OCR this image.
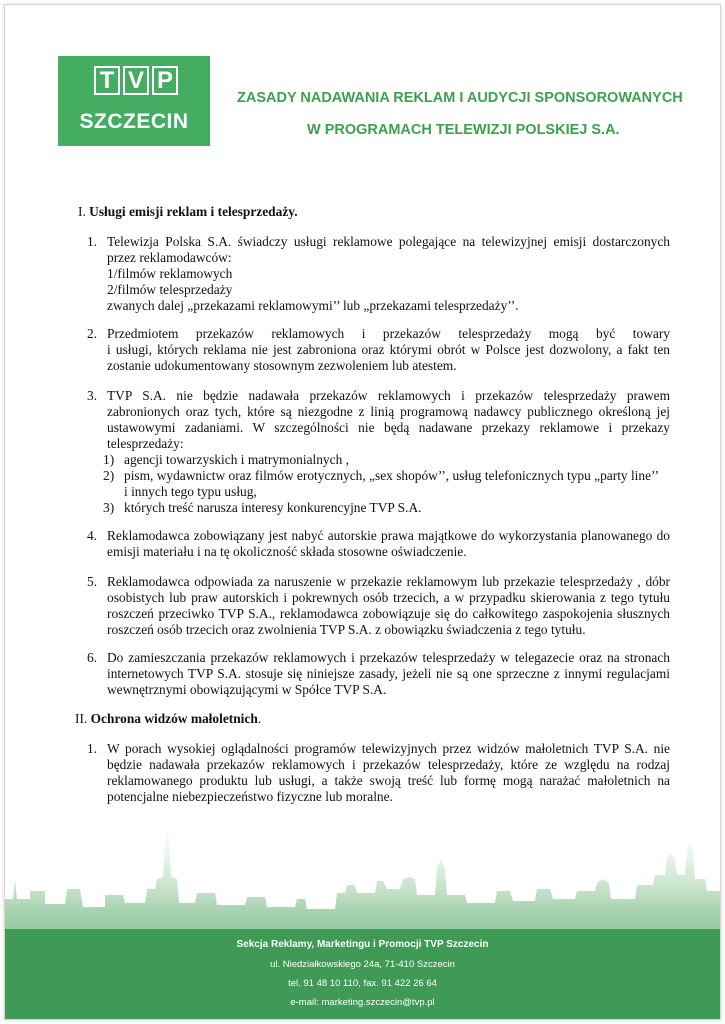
T V P
SZCZECIN
ZASADY NADAWANIA REKLAM I AUDYCJI SPONSOROWANYCH
W PROGRAMACH TELEWIZJI POLSKIEJ S.A.
I. Usługi emisji reklam i telesprzedaży.
1. Telewizja Polska S.A. świadczy usługi reklamowe polegające na telewizyjnej emisji dostarczonych
przez reklamodawców:
1/filmów reklamowych
2/filmów telesprzedaży
zwanych dalej „przekazami reklamowymi’’ lub „przekazami telesprzedaży’’.
2. Przedmiotem przekazów reklamowych i przekazów telesprzedaży mogą być towary
i usługi, których reklama nie jest zabroniona oraz którymi obrót w Polsce jest dozwolony, a fakt ten
zostanie udokumentowany stosownym zezwoleniem lub atestem.
3. TVP S.A. nie będzie nadawała przekazów reklamowych i przekazów telesprzedaży prawem
zabronionych oraz tych, które są niezgodne z linią programową nadawcy publicznego określoną jej
ustawowymi zadaniami. W szczególności nie będą nadawane przekazy reklamowe i przekazy
telesprzedaży:
1) agencji towarzyskich i matrymonialnych ,
2) pism, wydawnictw oraz filmów erotycznych, „sex shopów’’, usług telefonicznych typu „party line’’
i innych tego typu usług,
3) których treść narusza interesy konkurencyjne TVP S.A.
4. Reklamodawca zobowiązany jest nabyć autorskie prawa majątkowe do wykorzystania planowanego do
emisji materiału i na tę okoliczność składa stosowne oświadczenie.
5. Reklamodawca odpowiada za naruszenie w przekazie reklamowym lub przekazie telesprzedaży , dóbr
osobistych lub praw autorskich i pokrewnych osób trzecich, a w przypadku skierowania z tego tytułu
roszczeń przeciwko TVP S.A., reklamodawca zobowiązuje się do całkowitego zaspokojenia słusznych
roszczeń osób trzecich oraz zwolnienia TVP S.A. z obowiązku świadczenia z tego tytułu.
6. Do zamieszczania przekazów reklamowych i przekazów telesprzedaży w telegazecie oraz na stronach
internetowych TVP S.A. stosuje się niniejsze zasady, jeżeli nie są one sprzeczne z innymi regulacjami
wewnętrznymi obowiązującymi w Spółce TVP S.A.
II. Ochrona widzów małoletnich.
1. W porach wysokiej oglądalności programów telewizyjnych przez widzów małoletnich TVP S.A. nie
będzie nadawała przekazów reklamowych i przekazów telesprzedaży, które ze względu na rodzaj
reklamowanego produktu lub usługi, a także swoją treść lub formę mogą narażać małoletnich na
potencjalne niebezpieczeństwo fizyczne lub moralne.
Sekcja Reklamy, Marketingu i Promocji TVP Szczecin
ul. Niedziałkowskiego 24a, 71-410 Szczecin
tel. 91 48 10 110, fax. 91 422 26 64
e-mail: marketing.szczecin@tvp.pl
